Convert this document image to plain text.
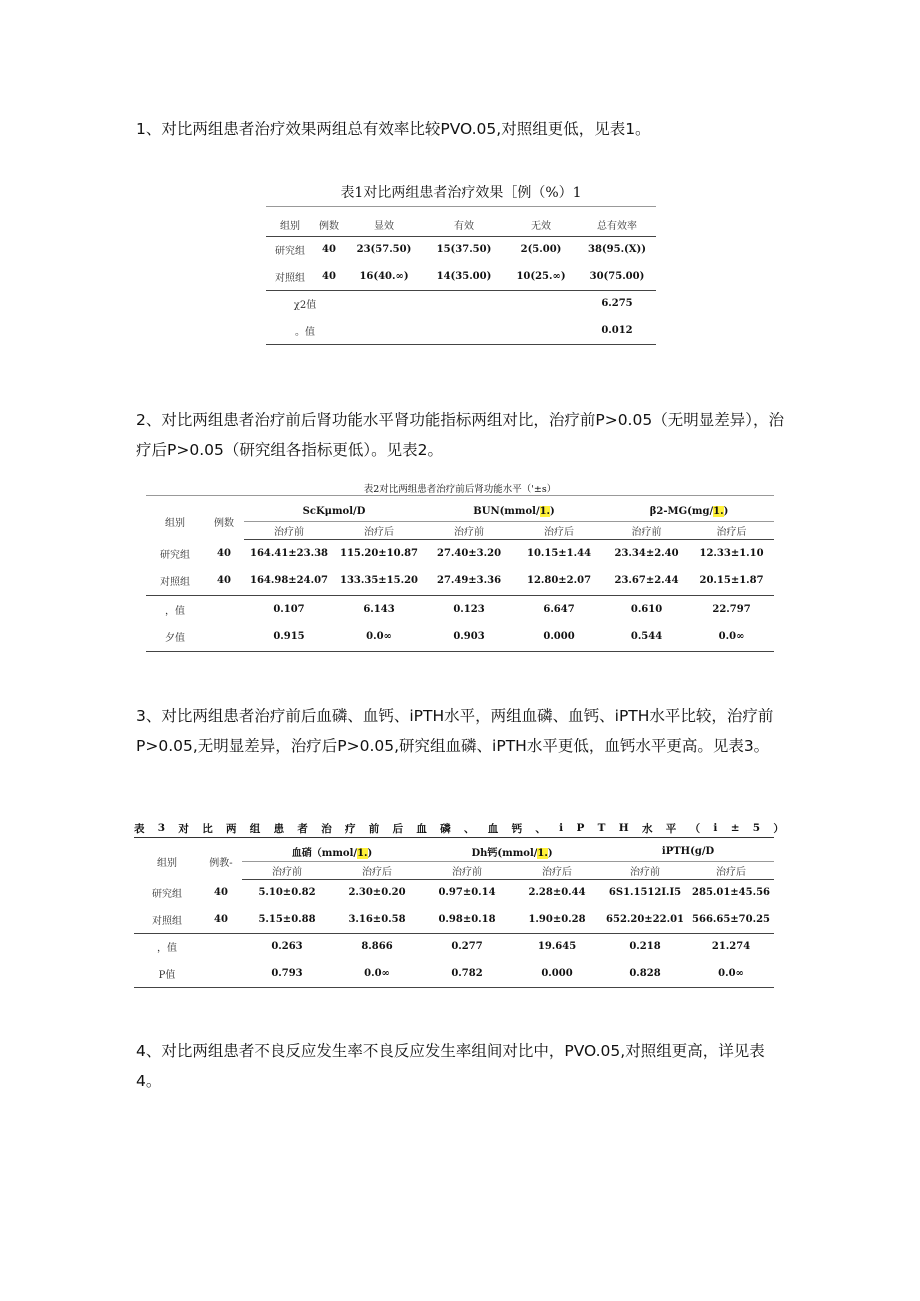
1、对比两组患者治疗效果两组总有效率比较PVO.05,对照组更低，见表1。
表1对比两组患者治疗效果［例（%）1
组别	例数	显效	有效	无效	总有效率
研究组	40	23(57.50)	15(37.50)	2(5.00)	38(95.(X))
对照组	40	16(40.∞)	14(35.00)	10(25.∞)	30(75.00)
χ2值					6.275
。值					0.012
2、对比两组患者治疗前后肾功能水平肾功能指标两组对比，治疗前P>0.05（无明显差异），治疗后P>0.05（研究组各指标更低）。见表2。
表2对比两组患者治疗前后肾功能水平（'±s）
组别	例数	ScKμmol/D		BUN(mmol/1.)		β2-MG(mg/1.)	
		治疗前	治疗后	治疗前	治疗后	治疗前	治疗后
研究组	40	164.41±23.38	115.20±10.87	27.40±3.20	10.15±1.44	23.34±2.40	12.33±1.10
对照组	40	164.98±24.07	133.35±15.20	27.49±3.36	12.80±2.07	23.67±2.44	20.15±1.87
，值		0.107	6.143	0.123	6.647	0.610	22.797
夕值		0.915	0.0∞	0.903	0.000	0.544	0.0∞
3、对比两组患者治疗前后血磷、血钙、iPTH水平，两组血磷、血钙、iPTH水平比较，治疗前P>0.05,无明显差异，治疗后P>0.05,研究组血磷、iPTH水平更低，血钙水平更高。见表3。
表 3 对 比 两 组 患 者 治 疗 前 后 血 磷 、 血 钙 、 i P T H 水 平 （ i ± 5 ）
组别	例教-	血硝（mmol/1.)		Dh钙(mmol/1.)		iPTH(g/D	
		治疗前	治疗后	治疗前	治疗后	治疗前	治疗后
研究组	40	5.10±0.82	2.30±0.20	0.97±0.14	2.28±0.44	6S1.1512I.I5	285.01±45.56
对照组	40	5.15±0.88	3.16±0.58	0.98±0.18	1.90±0.28	652.20±22.01	566.65±70.25
，值		0.263	8.866	0.277	19.645	0.218	21.274
P值		0.793	0.0∞	0.782	0.000	0.828	0.0∞
4、对比两组患者不良反应发生率不良反应发生率组间对比中，PVO.05,对照组更高，详见表4。
